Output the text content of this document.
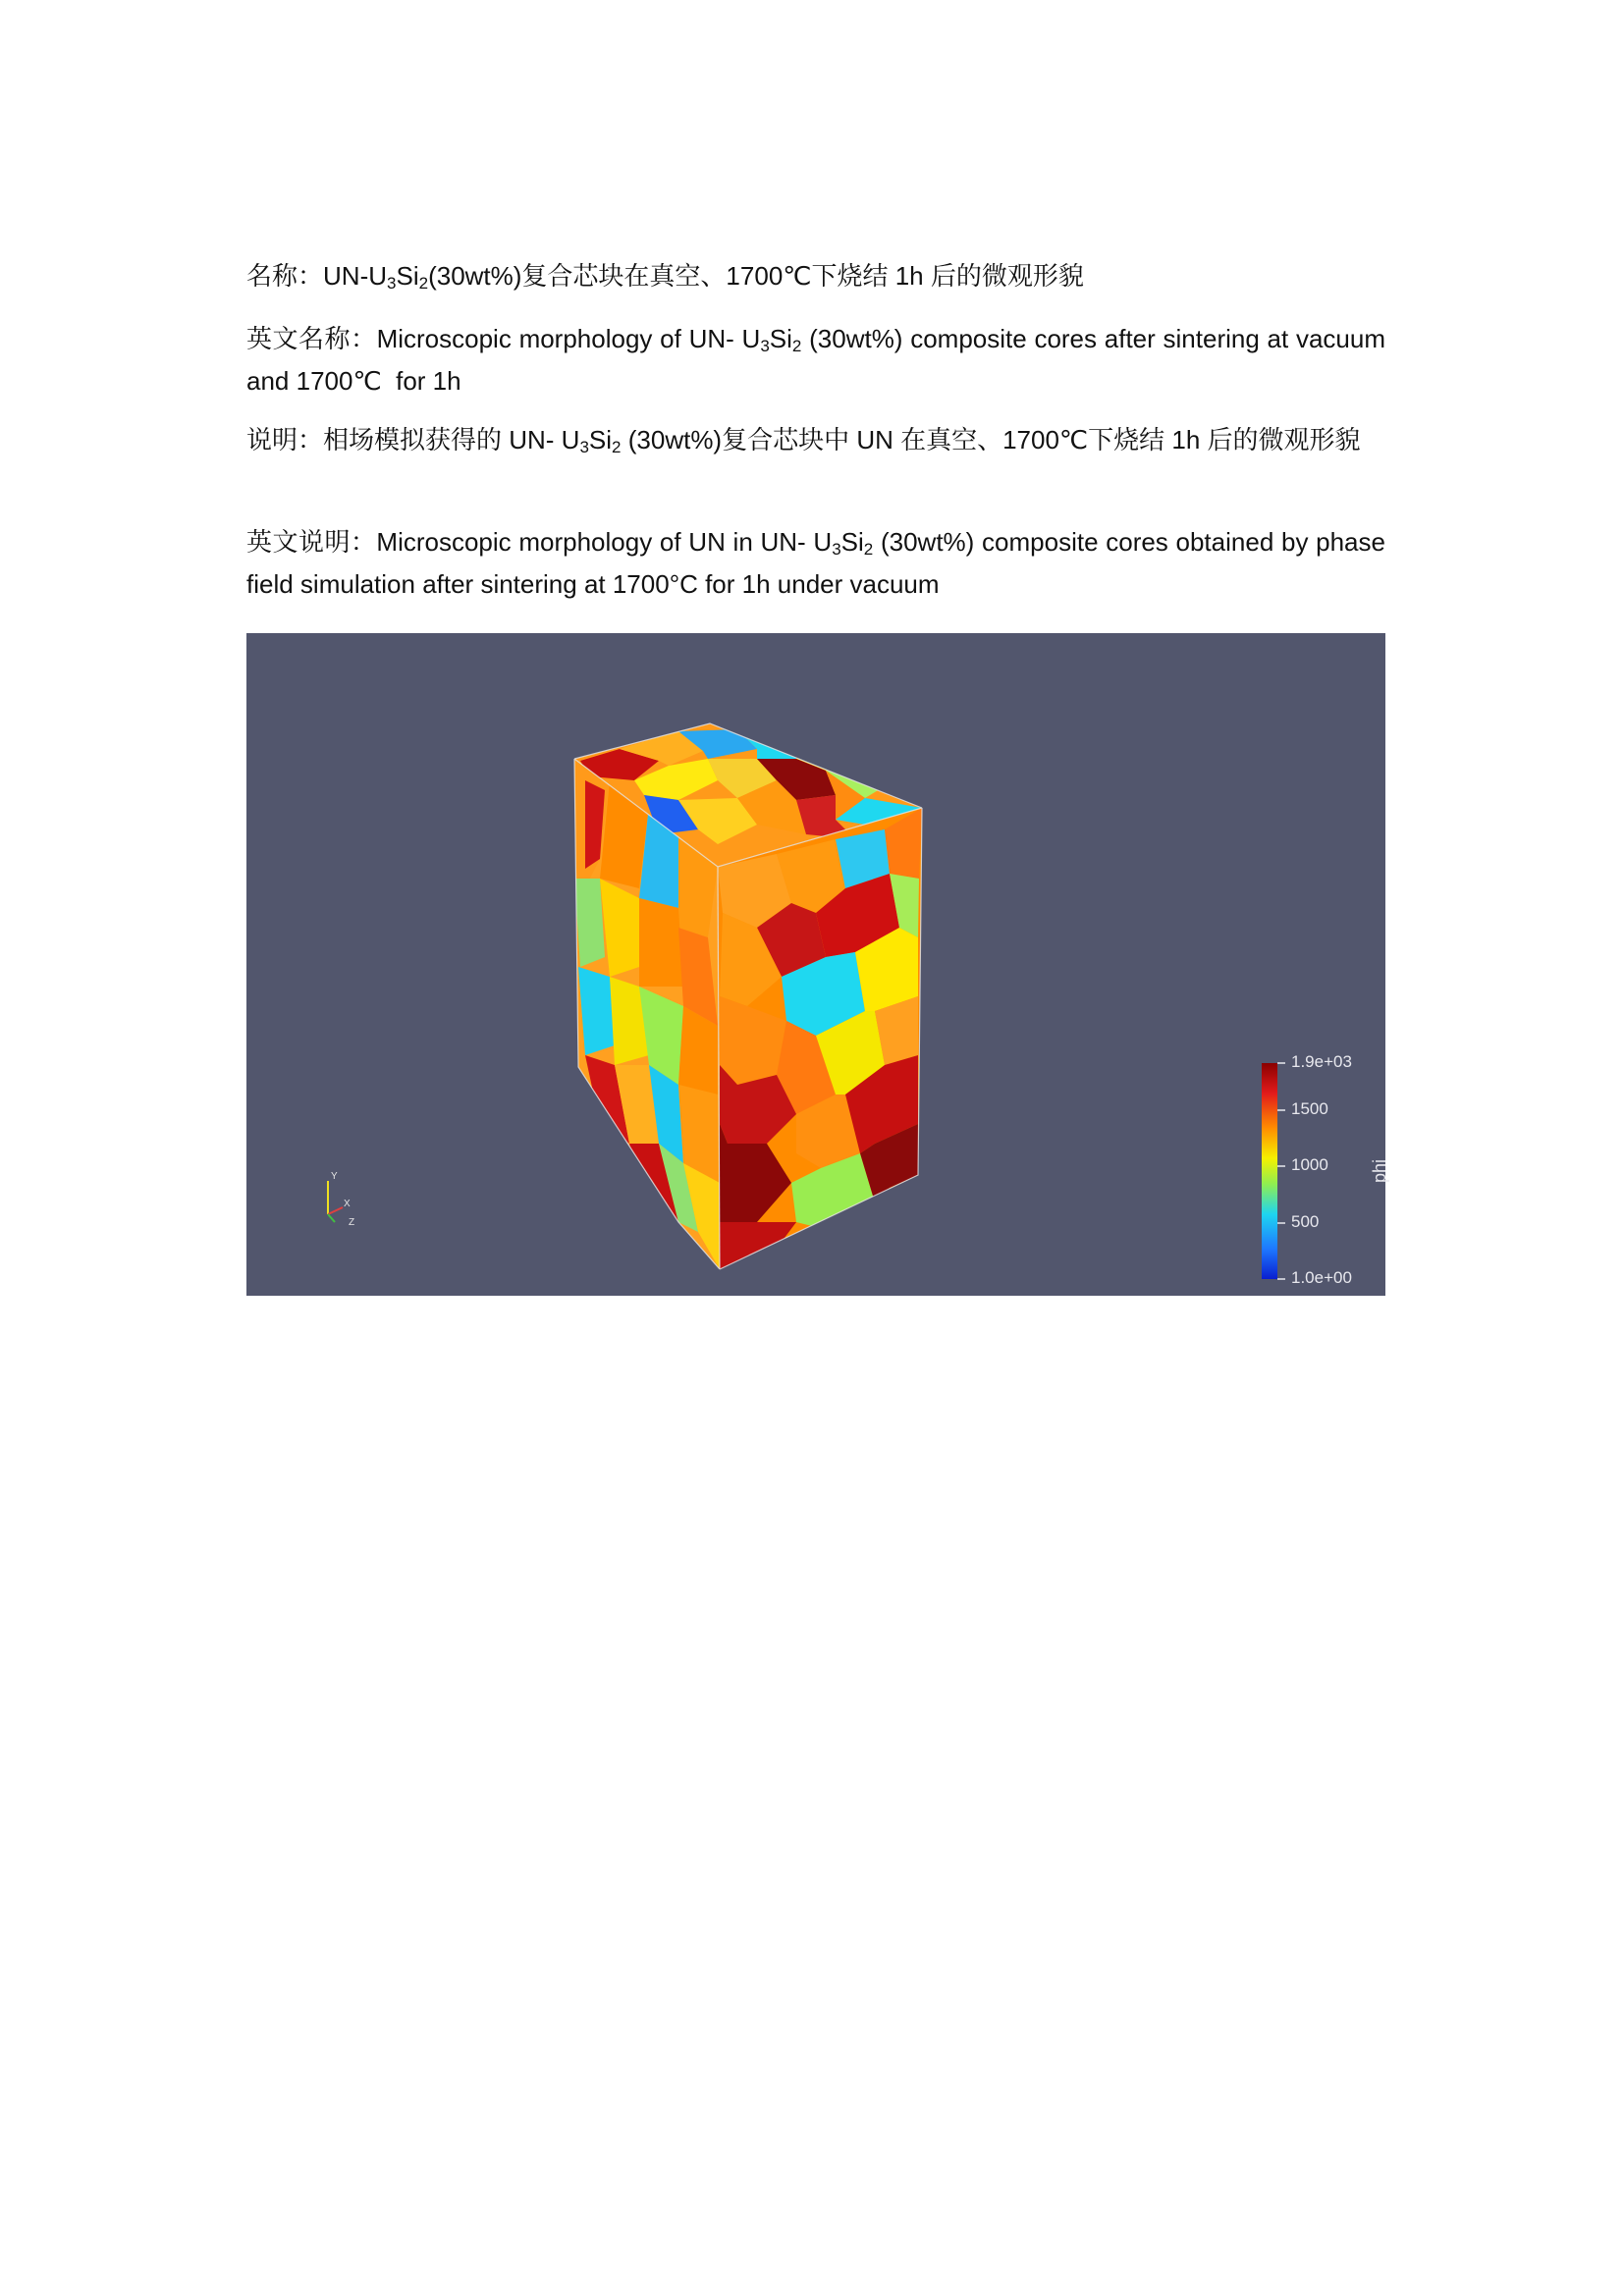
名称：$UN-U_3Si_2(30wt\%)$复合芯块在真空、1700℃下烧结 1h 后的微观形貌
英文名称：Microscopic morphology of UN- $U_3Si_2$ (30wt%) composite cores after sintering at vacuum and 1700℃  for 1h
说明：相场模拟获得的 UN- $U_3Si_2$ (30wt%)复合芯块中 UN 在真空、1700℃下烧结 1h 后的微观形貌
英文说明：Microscopic morphology of UN in UN- $U_3Si_2$ (30wt%) composite cores obtained by phase field simulation after sintering at 1700°C for 1h under vacuum
1.9e+03
1500
1000
500
1.0e+00
phi
Y
X
Z
